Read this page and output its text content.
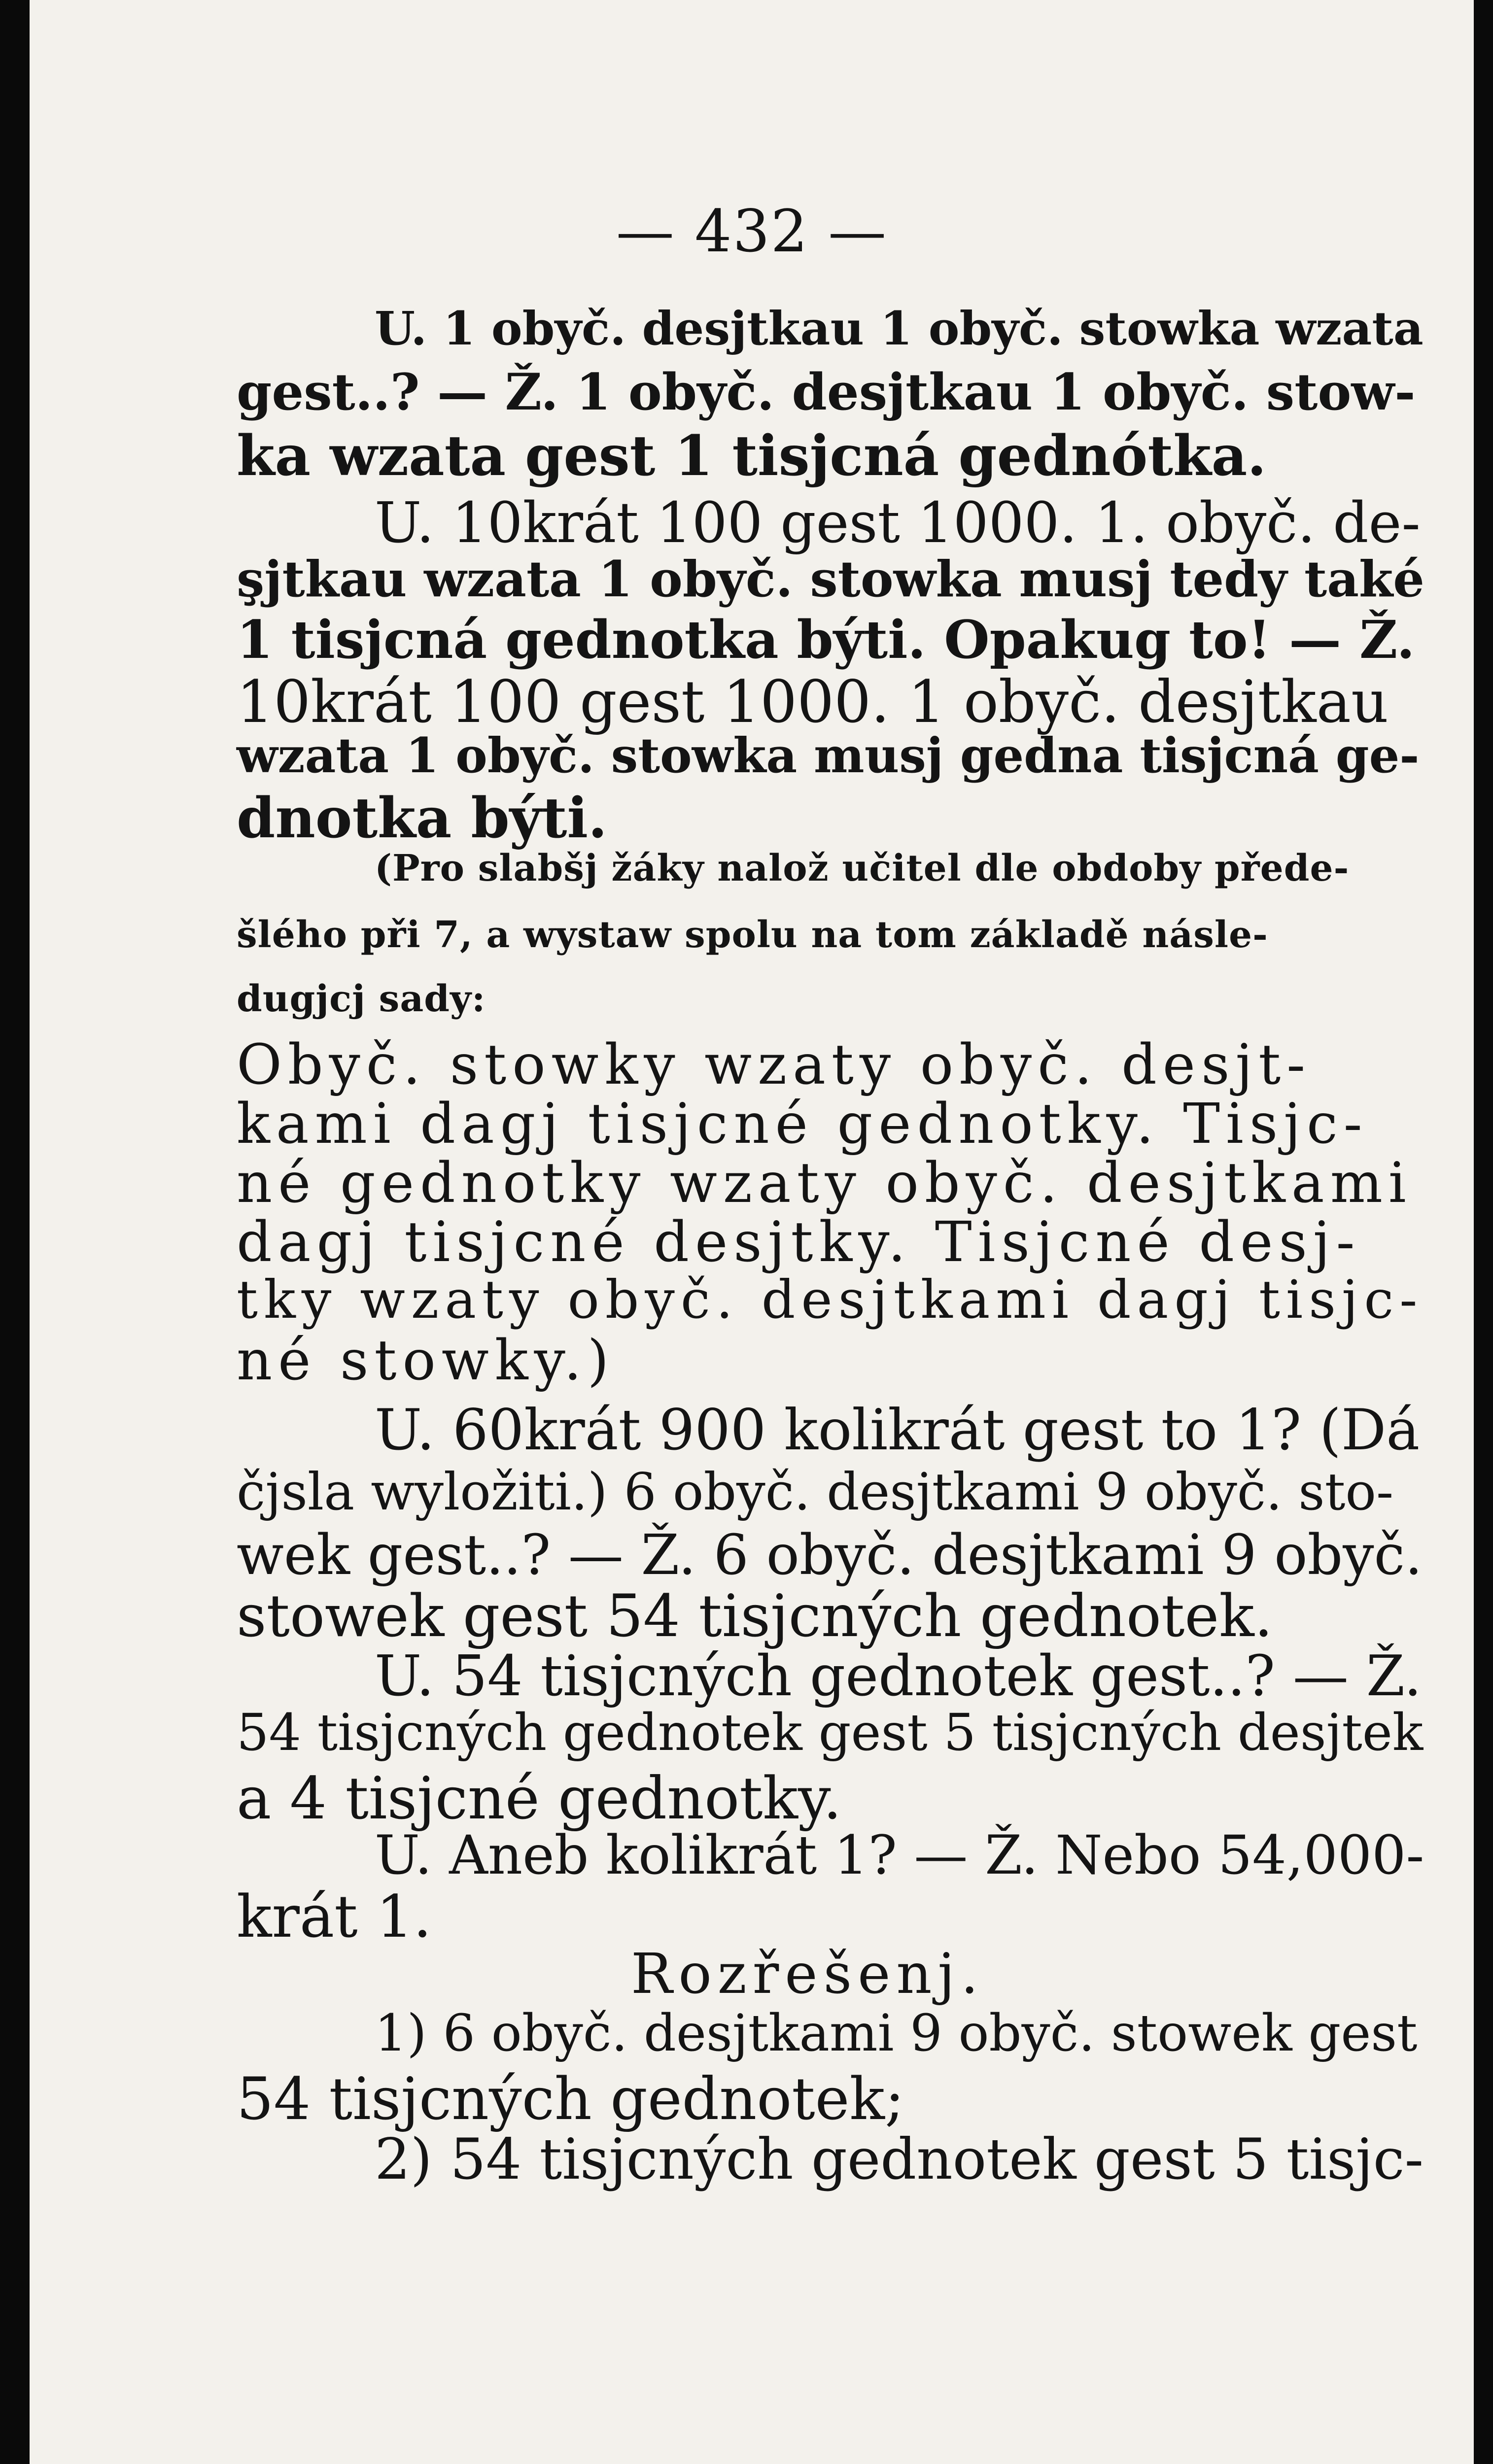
— 432 —
U. 1 obyč. desjtkau 1 obyč. stowka wzata
gest..? — Ž. 1 obyč. desjtkau 1 obyč. stow-
ka wzata gest 1 tisjcná gednótka.
U. 10krát 100 gest 1000. 1. obyč. de-
şjtkau wzata 1 obyč. stowka musj tedy také
1 tisjcná gednotka býti. Opakug to! — Ž.
10krát 100 gest 1000. 1 obyč. desjtkau
wzata 1 obyč. stowka musj gedna tisjcná ge-
dnotka býti.
(Pro slabšj žáky nalož učitel dle obdoby přede-
šlého při 7, a wystaw spolu na tom základě násle-
dugjcj sady:
Obyč. stowky wzaty obyč. desjt-
kami dagj tisjcné gednotky. Tisjc-
né gednotky wzaty obyč. desjtkami
dagj tisjcné desjtky. Tisjcné desj-
tky wzaty obyč. desjtkami dagj tisjc-
né stowky.)
U. 60krát 900 kolikrát gest to 1? (Dá
čjsla wyložiti.) 6 obyč. desjtkami 9 obyč. sto-
wek gest..? — Ž. 6 obyč. desjtkami 9 obyč.
stowek gest 54 tisjcných gednotek.
U. 54 tisjcných gednotek gest..? — Ž.
54 tisjcných gednotek gest 5 tisjcných desjtek
a 4 tisjcné gednotky.
U. Aneb kolikrát 1? — Ž. Nebo 54,000-
krát 1.
Rozřešenj.
1) 6 obyč. desjtkami 9 obyč. stowek gest
54 tisjcných gednotek;
2) 54 tisjcných gednotek gest 5 tisjc-
